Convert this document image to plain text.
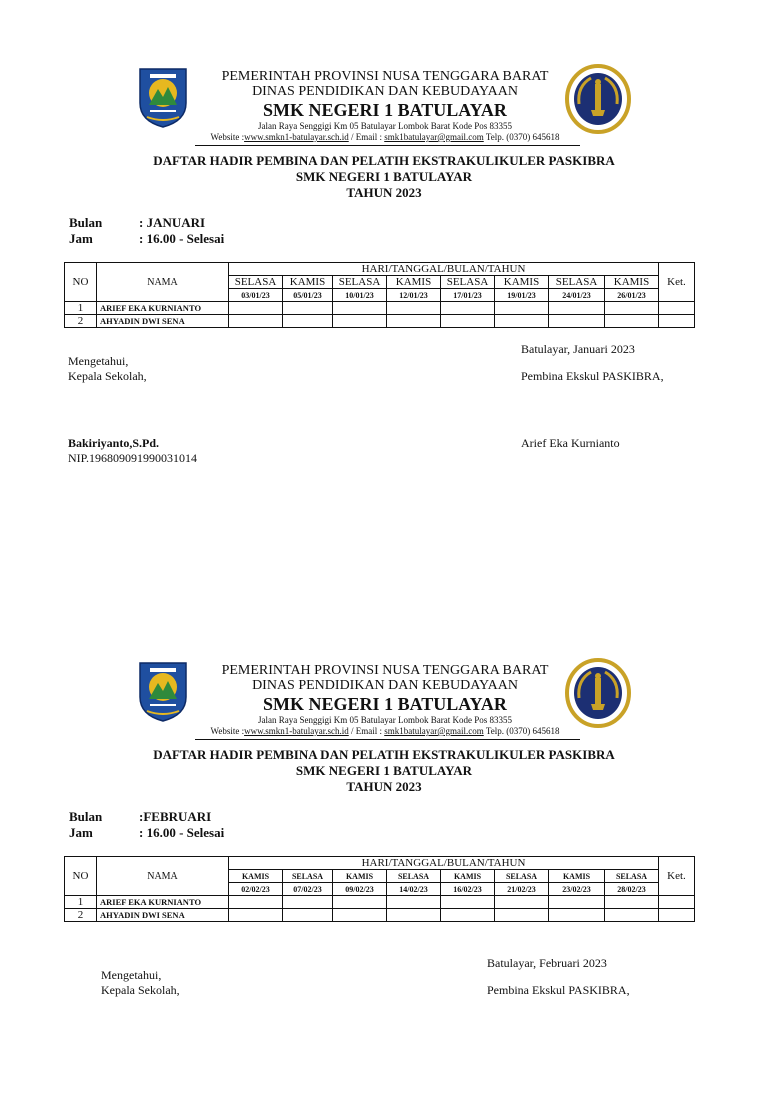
PEMERINTAH PROVINSI NUSA TENGGARA BARAT
DINAS PENDIDIKAN DAN KEBUDAYAAN
SMK NEGERI 1 BATULAYAR
Jalan Raya Senggigi Km 05 Batulayar Lombok Barat Kode Pos 83355
Website :www.smkn1-batulayar.sch.id / Email : smk1batulayar@gmail.com Telp. (0370) 645618
DAFTAR HADIR PEMBINA DAN PELATIH EKSTRAKULIKULER PASKIBRA
SMK NEGERI 1 BATULAYAR
TAHUN 2023
Bulan	: JANUARI
Jam	: 16.00 - Selesai
NO	NAMA	HARI/TANGGAL/BULAN/TAHUN								Ket.
		SELASA	KAMIS	SELASA	KAMIS	SELASA	KAMIS	SELASA	KAMIS	
		03/01/23	05/01/23	10/01/23	12/01/23	17/01/23	19/01/23	24/01/23	26/01/23	
1	ARIEF EKA KURNIANTO									
2	AHYADIN DWI SENA									
Batulayar, Januari 2023
Mengetahui,
Kepala Sekolah,	Pembina Ekskul PASKIBRA,
Bakiriyanto,S.Pd.
NIP.196809091990031014
Arief Eka Kurnianto
PEMERINTAH PROVINSI NUSA TENGGARA BARAT
DINAS PENDIDIKAN DAN KEBUDAYAAN
SMK NEGERI 1 BATULAYAR
Jalan Raya Senggigi Km 05 Batulayar Lombok Barat Kode Pos 83355
Website :www.smkn1-batulayar.sch.id / Email : smk1batulayar@gmail.com Telp. (0370) 645618
DAFTAR HADIR PEMBINA DAN PELATIH EKSTRAKULIKULER PASKIBRA
SMK NEGERI 1 BATULAYAR
TAHUN 2023
Bulan	:FEBRUARI
Jam	: 16.00 - Selesai
NO	NAMA	HARI/TANGGAL/BULAN/TAHUN								Ket.
		KAMIS	SELASA	KAMIS	SELASA	KAMIS	SELASA	KAMIS	SELASA	
		02/02/23	07/02/23	09/02/23	14/02/23	16/02/23	21/02/23	23/02/23	28/02/23	
1	ARIEF EKA KURNIANTO									
2	AHYADIN DWI SENA									
Batulayar, Februari 2023
Mengetahui,
Kepala Sekolah,	Pembina Ekskul PASKIBRA,
